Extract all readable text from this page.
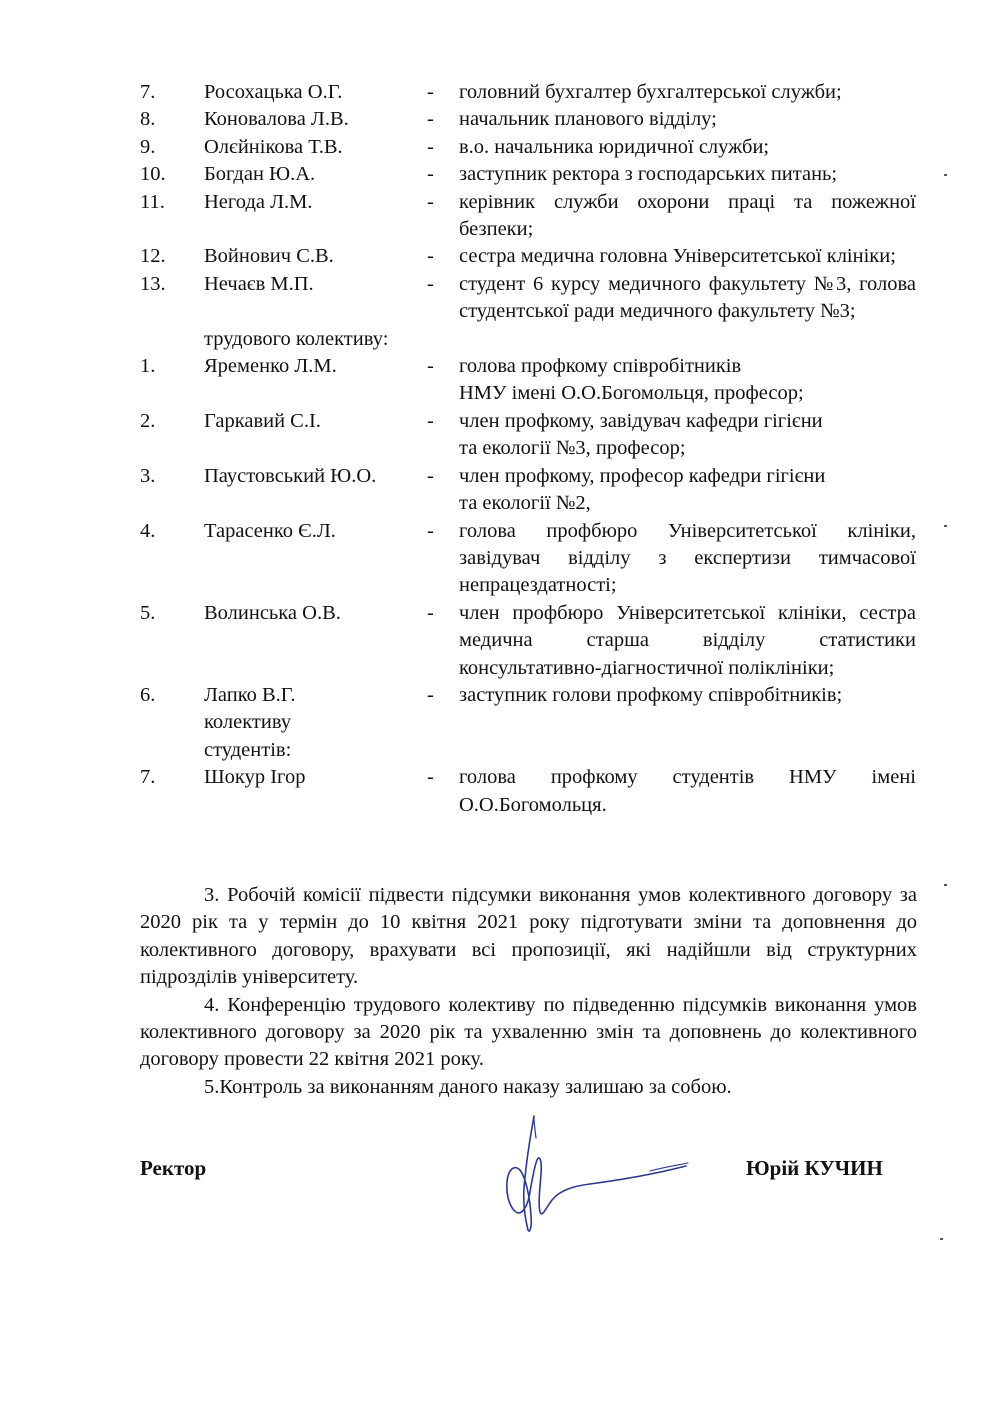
7. Росохацька О.Г.	- головний бухгалтер бухгалтерської служби;
8. Коновалова Л.В.	- начальник планового відділу;
9. Олєйнікова Т.В.	- в.о. начальника юридичної служби;
10. Богдан Ю.А.	- заступник ректора з господарських питань;
11. Негода Л.М.	- керівник служби охорони праці та пожежної безпеки;
12. Войнович С.В.	- сестра медична головна Університетської клініки;
13. Нечаєв М.П.	- студент 6 курсу медичного факультету №3, голова студентської ради медичного факультету №3;
трудового колективу:
1. Яременко Л.М.	- голова профкому співробітників
НМУ імені О.О.Богомольця, професор;
2. Гаркавий С.І.	- член профкому, завідувач кафедри гігієни
та екології №3, професор;
3. Паустовський Ю.О.	- член профкому, професор кафедри гігієни
та екології №2,
4. Тарасенко Є.Л.	- голова профбюро Університетської клініки, завідувач відділу з експертизи тимчасової непрацездатності;
5. Волинська О.В.	- член профбюро Університетської клініки, сестра медична старша відділу статистики консультативно-діагностичної поліклініки;
6. Лапко В.Г.	- заступник голови профкому співробітників;
колективу
студентів:
7. Шокур Ігор	- голова профкому студентів НМУ імені О.О.Богомольця.

3. Робочій комісії підвести підсумки виконання умов колективного договору за 2020 рік та у термін до 10 квітня 2021 року підготувати зміни та доповнення до колективного договору, врахувати всі пропозиції, які надійшли від структурних підрозділів університету.

4. Конференцію трудового колективу по підведенню підсумків виконання умов колективного договору за 2020 рік та ухваленню змін та доповнень до колективного договору провести 22 квітня 2021 року.

5.Контроль за виконанням даного наказу залишаю за собою.

Ректор	Юрій КУЧИН
